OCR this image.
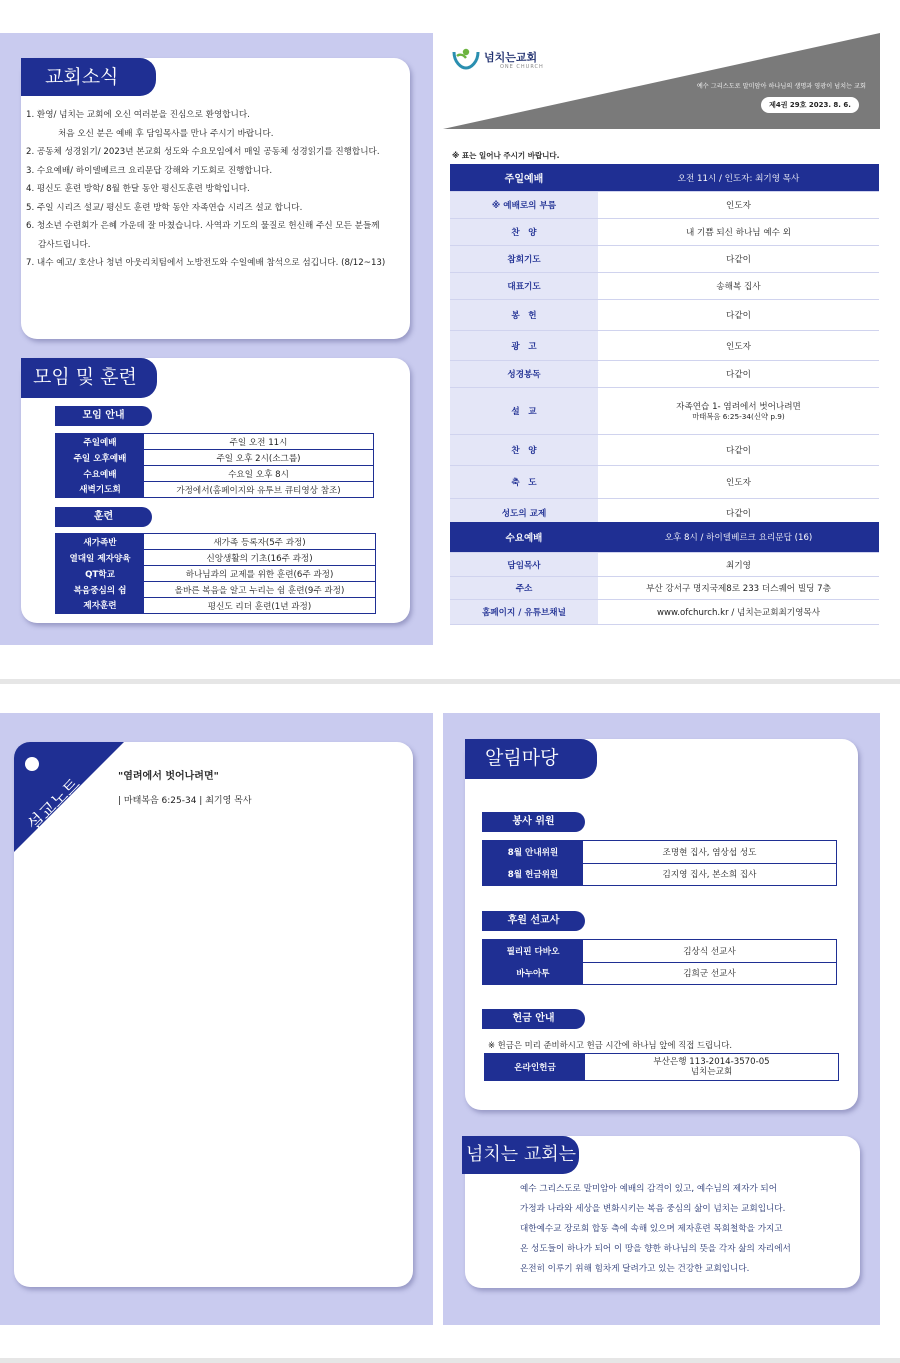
교회소식
1. 환영/ 넘치는 교회에 오신 여러분을 진심으로 환영합니다.
처음 오신 분은 예배 후 담임목사를 만나 주시기 바랍니다.
2. 공동체 성경읽기/ 2023년 본교회 성도와 수요모임에서 매일 공동체 성경읽기를 진행합니다.
3. 수요예배/ 하이델베르크 요리문답 강해와 기도회로 진행합니다.
4. 평신도 훈련 방학/ 8월 한달 동안 평신도훈련 방학입니다.
5. 주일 시리즈 설교/ 평신도 훈련 방학 동안 자족연습 시리즈 설교 합니다.
6. 청소년 수련회가 은혜 가운데 잘 마쳤습니다. 사역과 기도의 물질로 헌신해 주신 모든 분들께
감사드립니다.
7. 내수 예고/ 호산나 청년 아웃리치팀에서 노방전도와 수일예배 참석으로 섬깁니다. (8/12~13)
모임 및 훈련
모임 안내
주일예배	주일 오전 11시
주일 오후예배	주일 오후 2시(소그룹)
수요예배	수요일 오후 8시
새벽기도회	가정에서(홈페이지와 유투브 큐티영상 참조)
훈련
새가족반	새가족 등록자(5주 과정)
열대일 제자양육	신앙생활의 기초(16주 과정)
QT학교	하나님과의 교제를 위한 훈련(6주 과정)
복음중심의 쉼	올바른 복음을 알고 누리는 쉼 훈련(9주 과정)
제자훈련	평신도 리더 훈련(1년 과정)
넘치는교회
ONE CHURCH
예수 그리스도로 말미암아 하나님의 생명과 영광이 넘치는 교회
제4권 29호 2023. 8. 6.
※ 표는 일어나 주시기 바랍니다.
주일예배	오전 11시 / 인도자: 최기영 목사
※ 예배로의 부름	인도자
찬　양	내 기쁨 되신 하나님 예수 외
참회기도	다같이
대표기도	송해복 집사
봉　헌	다같이
광　고	인도자
성경봉독	다같이
설　교	자족연습 1- 염려에서 벗어나려면
마태복음 6:25-34(신약 p.9)

찬　양	다같이
축　도	인도자
성도의 교제	다같이
수요예배	오후 8시 / 하이델베르크 요리문답 (16)
담임목사	최기영
주소	부산 강서구 명지국제8로 233 더스퀘어 빌딩 7층
홈페이지 / 유튜브채널	www.ofchurch.kr / 넘치는교회최기영목사
설교노트	"염려에서 벗어나려면"
| 마태복음 6:25-34 | 최기영 목사
알림마당
봉사 위원
8월 안내위원	조명현 집사, 염상섭 성도
8월 헌금위원	김지영 집사, 본소희 집사
후원 선교사
필리핀 다바오	김상식 선교사
바누아투	김희군 선교사
헌금 안내
※ 헌금은 미리 준비하시고 헌금 시간에 하나님 앞에 직접 드립니다.
온라인헌금	
부산은행 113-2014-3570-05
넘치는교회
넘치는 교회는
예수 그리스도로 말미암아 예배의 감격이 있고, 예수님의 제자가 되어
가정과 나라와 세상을 변화시키는 복음 중심의 삶이 넘치는 교회입니다.
대한예수교 장로회 합동 측에 속해 있으며 제자훈련 목회철학을 가지고
온 성도들이 하나가 되어 이 땅을 향한 하나님의 뜻을 각자 삶의 자리에서
온전히 이루기 위해 힘차게 달려가고 있는 건강한 교회입니다.
